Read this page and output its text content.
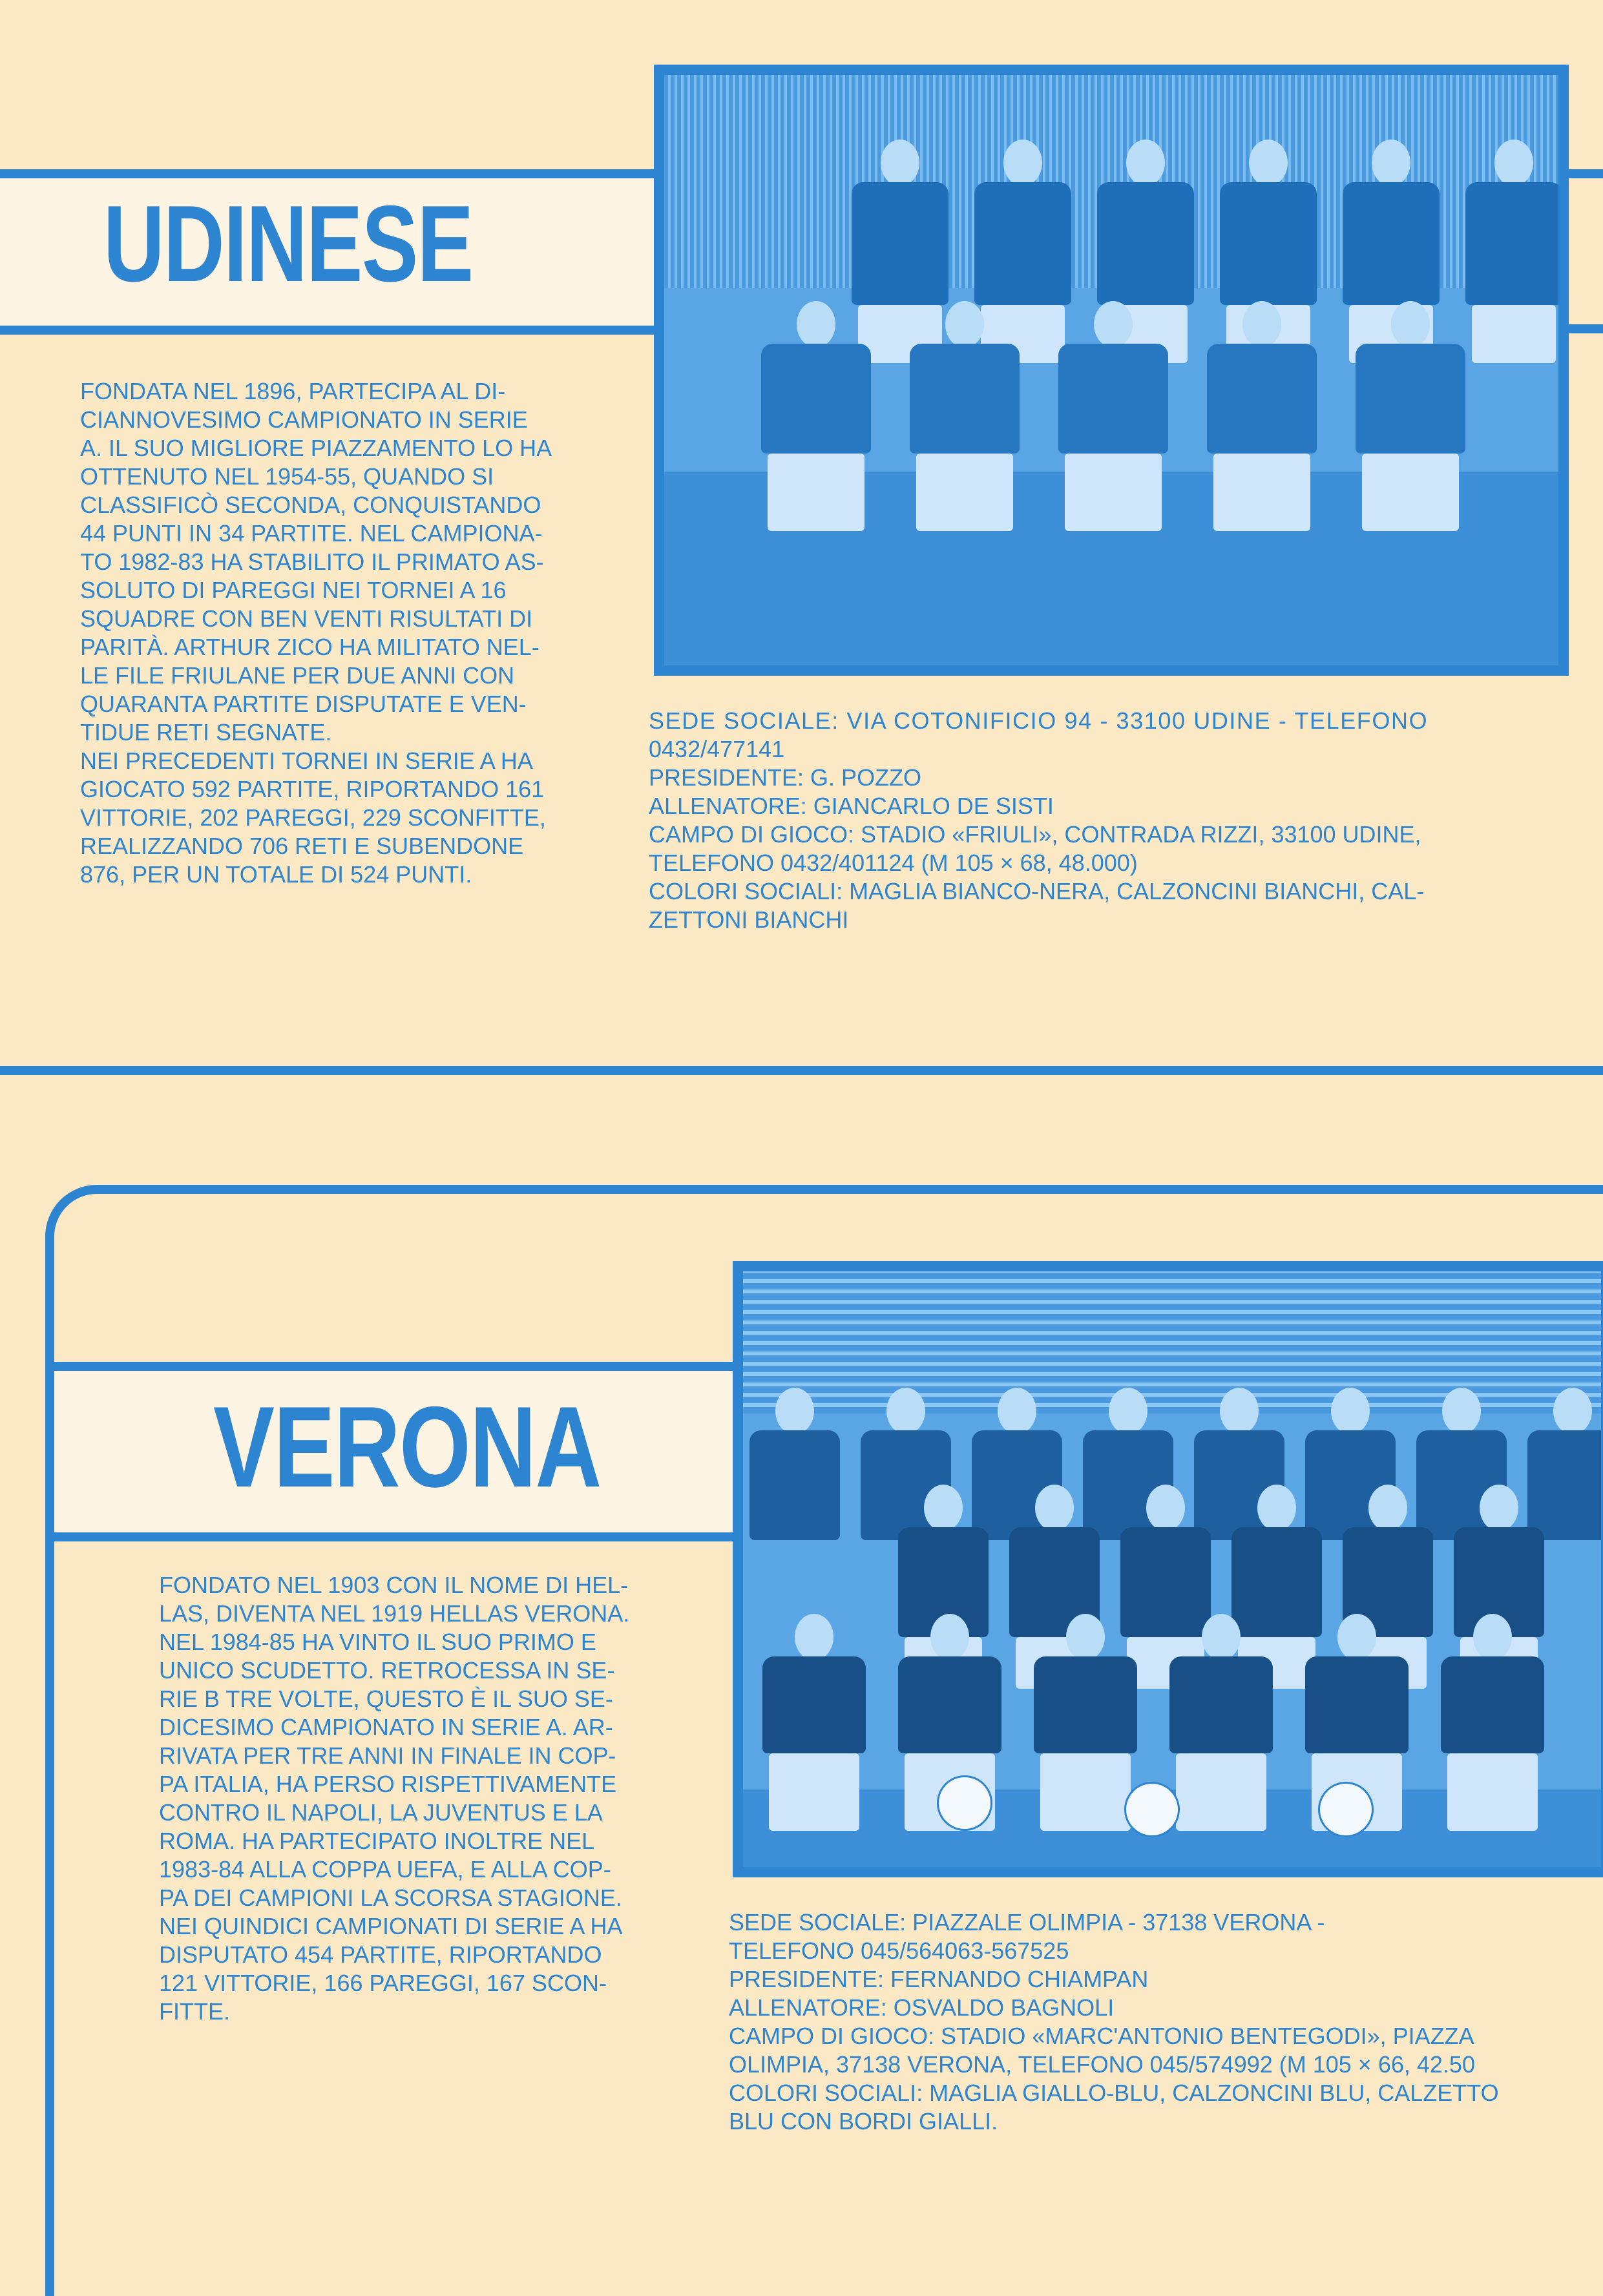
UDINESE
FONDATA NEL 1896, PARTECIPA AL DI-
CIANNOVESIMO CAMPIONATO IN SERIE
A. IL SUO MIGLIORE PIAZZAMENTO LO HA
OTTENUTO NEL 1954-55, QUANDO SI
CLASSIFICÒ SECONDA, CONQUISTANDO
44 PUNTI IN 34 PARTITE. NEL CAMPIONA-
TO 1982-83 HA STABILITO IL PRIMATO AS-
SOLUTO DI PAREGGI NEI TORNEI A 16
SQUADRE CON BEN VENTI RISULTATI DI
PARITÀ. ARTHUR ZICO HA MILITATO NEL-
LE FILE FRIULANE PER DUE ANNI CON
QUARANTA PARTITE DISPUTATE E VEN-
TIDUE RETI SEGNATE.
NEI PRECEDENTI TORNEI IN SERIE A HA
GIOCATO 592 PARTITE, RIPORTANDO 161
VITTORIE, 202 PAREGGI, 229 SCONFITTE,
REALIZZANDO 706 RETI E SUBENDONE
876, PER UN TOTALE DI 524 PUNTI.
SEDE SOCIALE: VIA COTONIFICIO 94 - 33100 UDINE - TELEFONO
0432/477141
PRESIDENTE: G. POZZO
ALLENATORE: GIANCARLO DE SISTI
CAMPO DI GIOCO: STADIO «FRIULI», CONTRADA RIZZI, 33100 UDINE,
TELEFONO 0432/401124 (M 105 × 68, 48.000)
COLORI SOCIALI: MAGLIA BIANCO-NERA, CALZONCINI BIANCHI, CAL-
ZETTONI BIANCHI
VERONA
FONDATO NEL 1903 CON IL NOME DI HEL-
LAS, DIVENTA NEL 1919 HELLAS VERONA.
NEL 1984-85 HA VINTO IL SUO PRIMO E
UNICO SCUDETTO. RETROCESSA IN SE-
RIE B TRE VOLTE, QUESTO È IL SUO SE-
DICESIMO CAMPIONATO IN SERIE A. AR-
RIVATA PER TRE ANNI IN FINALE IN COP-
PA ITALIA, HA PERSO RISPETTIVAMENTE
CONTRO IL NAPOLI, LA JUVENTUS E LA
ROMA. HA PARTECIPATO INOLTRE NEL
1983-84 ALLA COPPA UEFA, E ALLA COP-
PA DEI CAMPIONI LA SCORSA STAGIONE.
NEI QUINDICI CAMPIONATI DI SERIE A HA
DISPUTATO 454 PARTITE, RIPORTANDO
121 VITTORIE, 166 PAREGGI, 167 SCON-
FITTE.
SEDE SOCIALE: PIAZZALE OLIMPIA - 37138 VERONA -
TELEFONO 045/564063-567525
PRESIDENTE: FERNANDO CHIAMPAN
ALLENATORE: OSVALDO BAGNOLI
CAMPO DI GIOCO: STADIO «MARC'ANTONIO BENTEGODI», PIAZZA
OLIMPIA, 37138 VERONA, TELEFONO 045/574992 (M 105 × 66, 42.50
COLORI SOCIALI: MAGLIA GIALLO-BLU, CALZONCINI BLU, CALZETTO
BLU CON BORDI GIALLI.
